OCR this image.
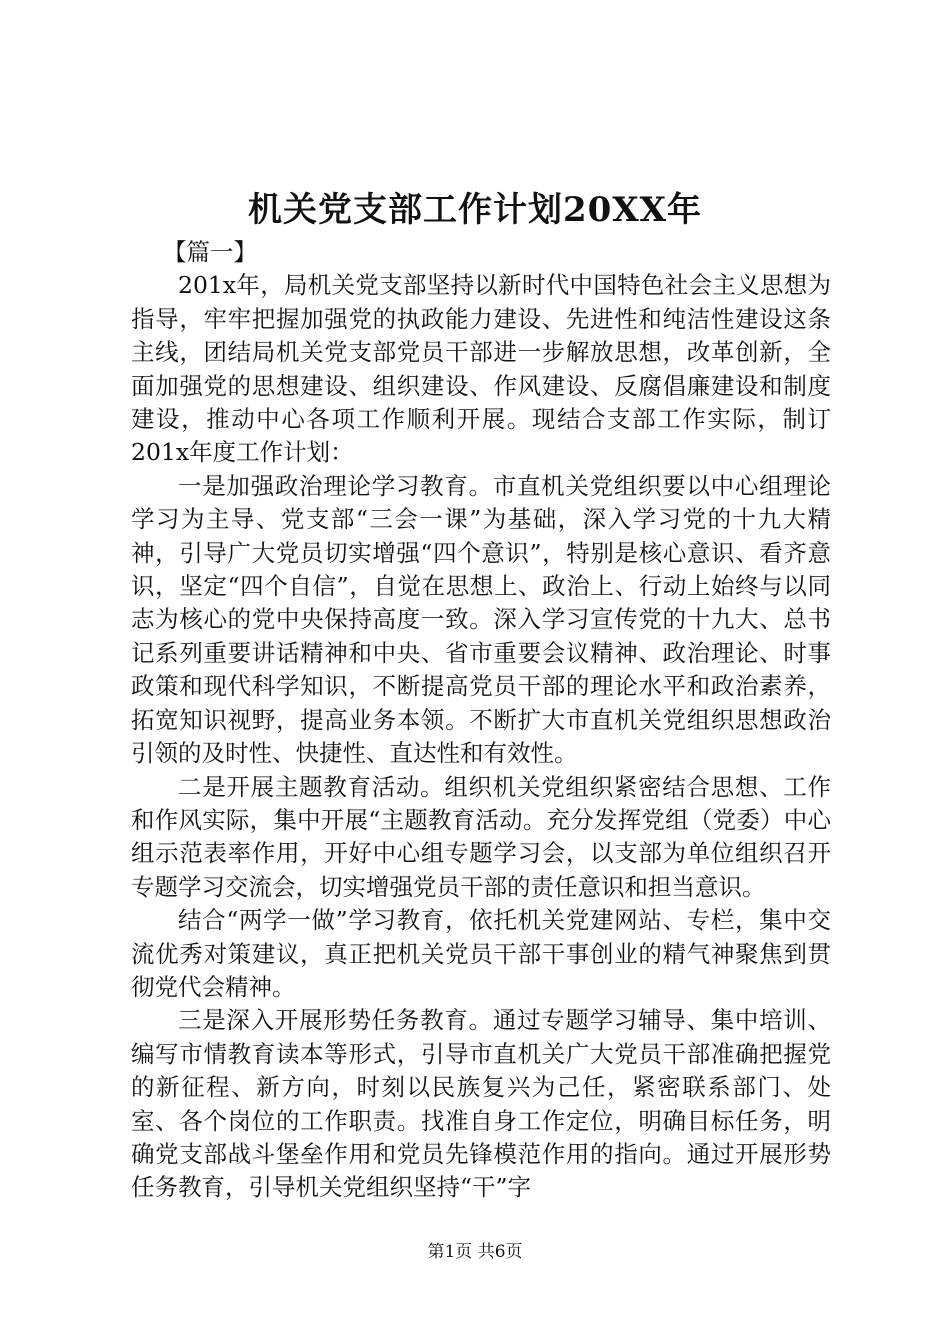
机关党支部工作计划20XX年

【篇一】

201x年，局机关党支部坚持以新时代中国特色社会主义思想为指导，牢牢把握加强党的执政能力建设、先进性和纯洁性建设这条主线，团结局机关党支部党员干部进一步解放思想，改革创新，全面加强党的思想建设、组织建设、作风建设、反腐倡廉建设和制度建设，推动中心各项工作顺利开展。现结合支部工作实际，制订201x年度工作计划：

一是加强政治理论学习教育。市直机关党组织要以中心组理论学习为主导、党支部“三会一课”为基础，深入学习党的十九大精神，引导广大党员切实增强“四个意识”，特别是核心意识、看齐意识，坚定“四个自信”，自觉在思想上、政治上、行动上始终与以同志为核心的党中央保持高度一致。深入学习宣传党的十九大、总书记系列重要讲话精神和中央、省市重要会议精神、政治理论、时事政策和现代科学知识，不断提高党员干部的理论水平和政治素养，拓宽知识视野，提高业务本领。不断扩大市直机关党组织思想政治引领的及时性、快捷性、直达性和有效性。

二是开展主题教育活动。组织机关党组织紧密结合思想、工作和作风实际，集中开展“主题教育活动。充分发挥党组（党委）中心组示范表率作用，开好中心组专题学习会，以支部为单位组织召开专题学习交流会，切实增强党员干部的责任意识和担当意识。

结合“两学一做”学习教育，依托机关党建网站、专栏，集中交流优秀对策建议，真正把机关党员干部干事创业的精气神聚焦到贯彻党代会精神。

三是深入开展形势任务教育。通过专题学习辅导、集中培训、编写市情教育读本等形式，引导市直机关广大党员干部准确把握党的新征程、新方向，时刻以民族复兴为己任，紧密联系部门、处室、各个岗位的工作职责。找准自身工作定位，明确目标任务，明确党支部战斗堡垒作用和党员先锋模范作用的指向。通过开展形势任务教育，引导机关党组织坚持“干”字

第1页 共6页
